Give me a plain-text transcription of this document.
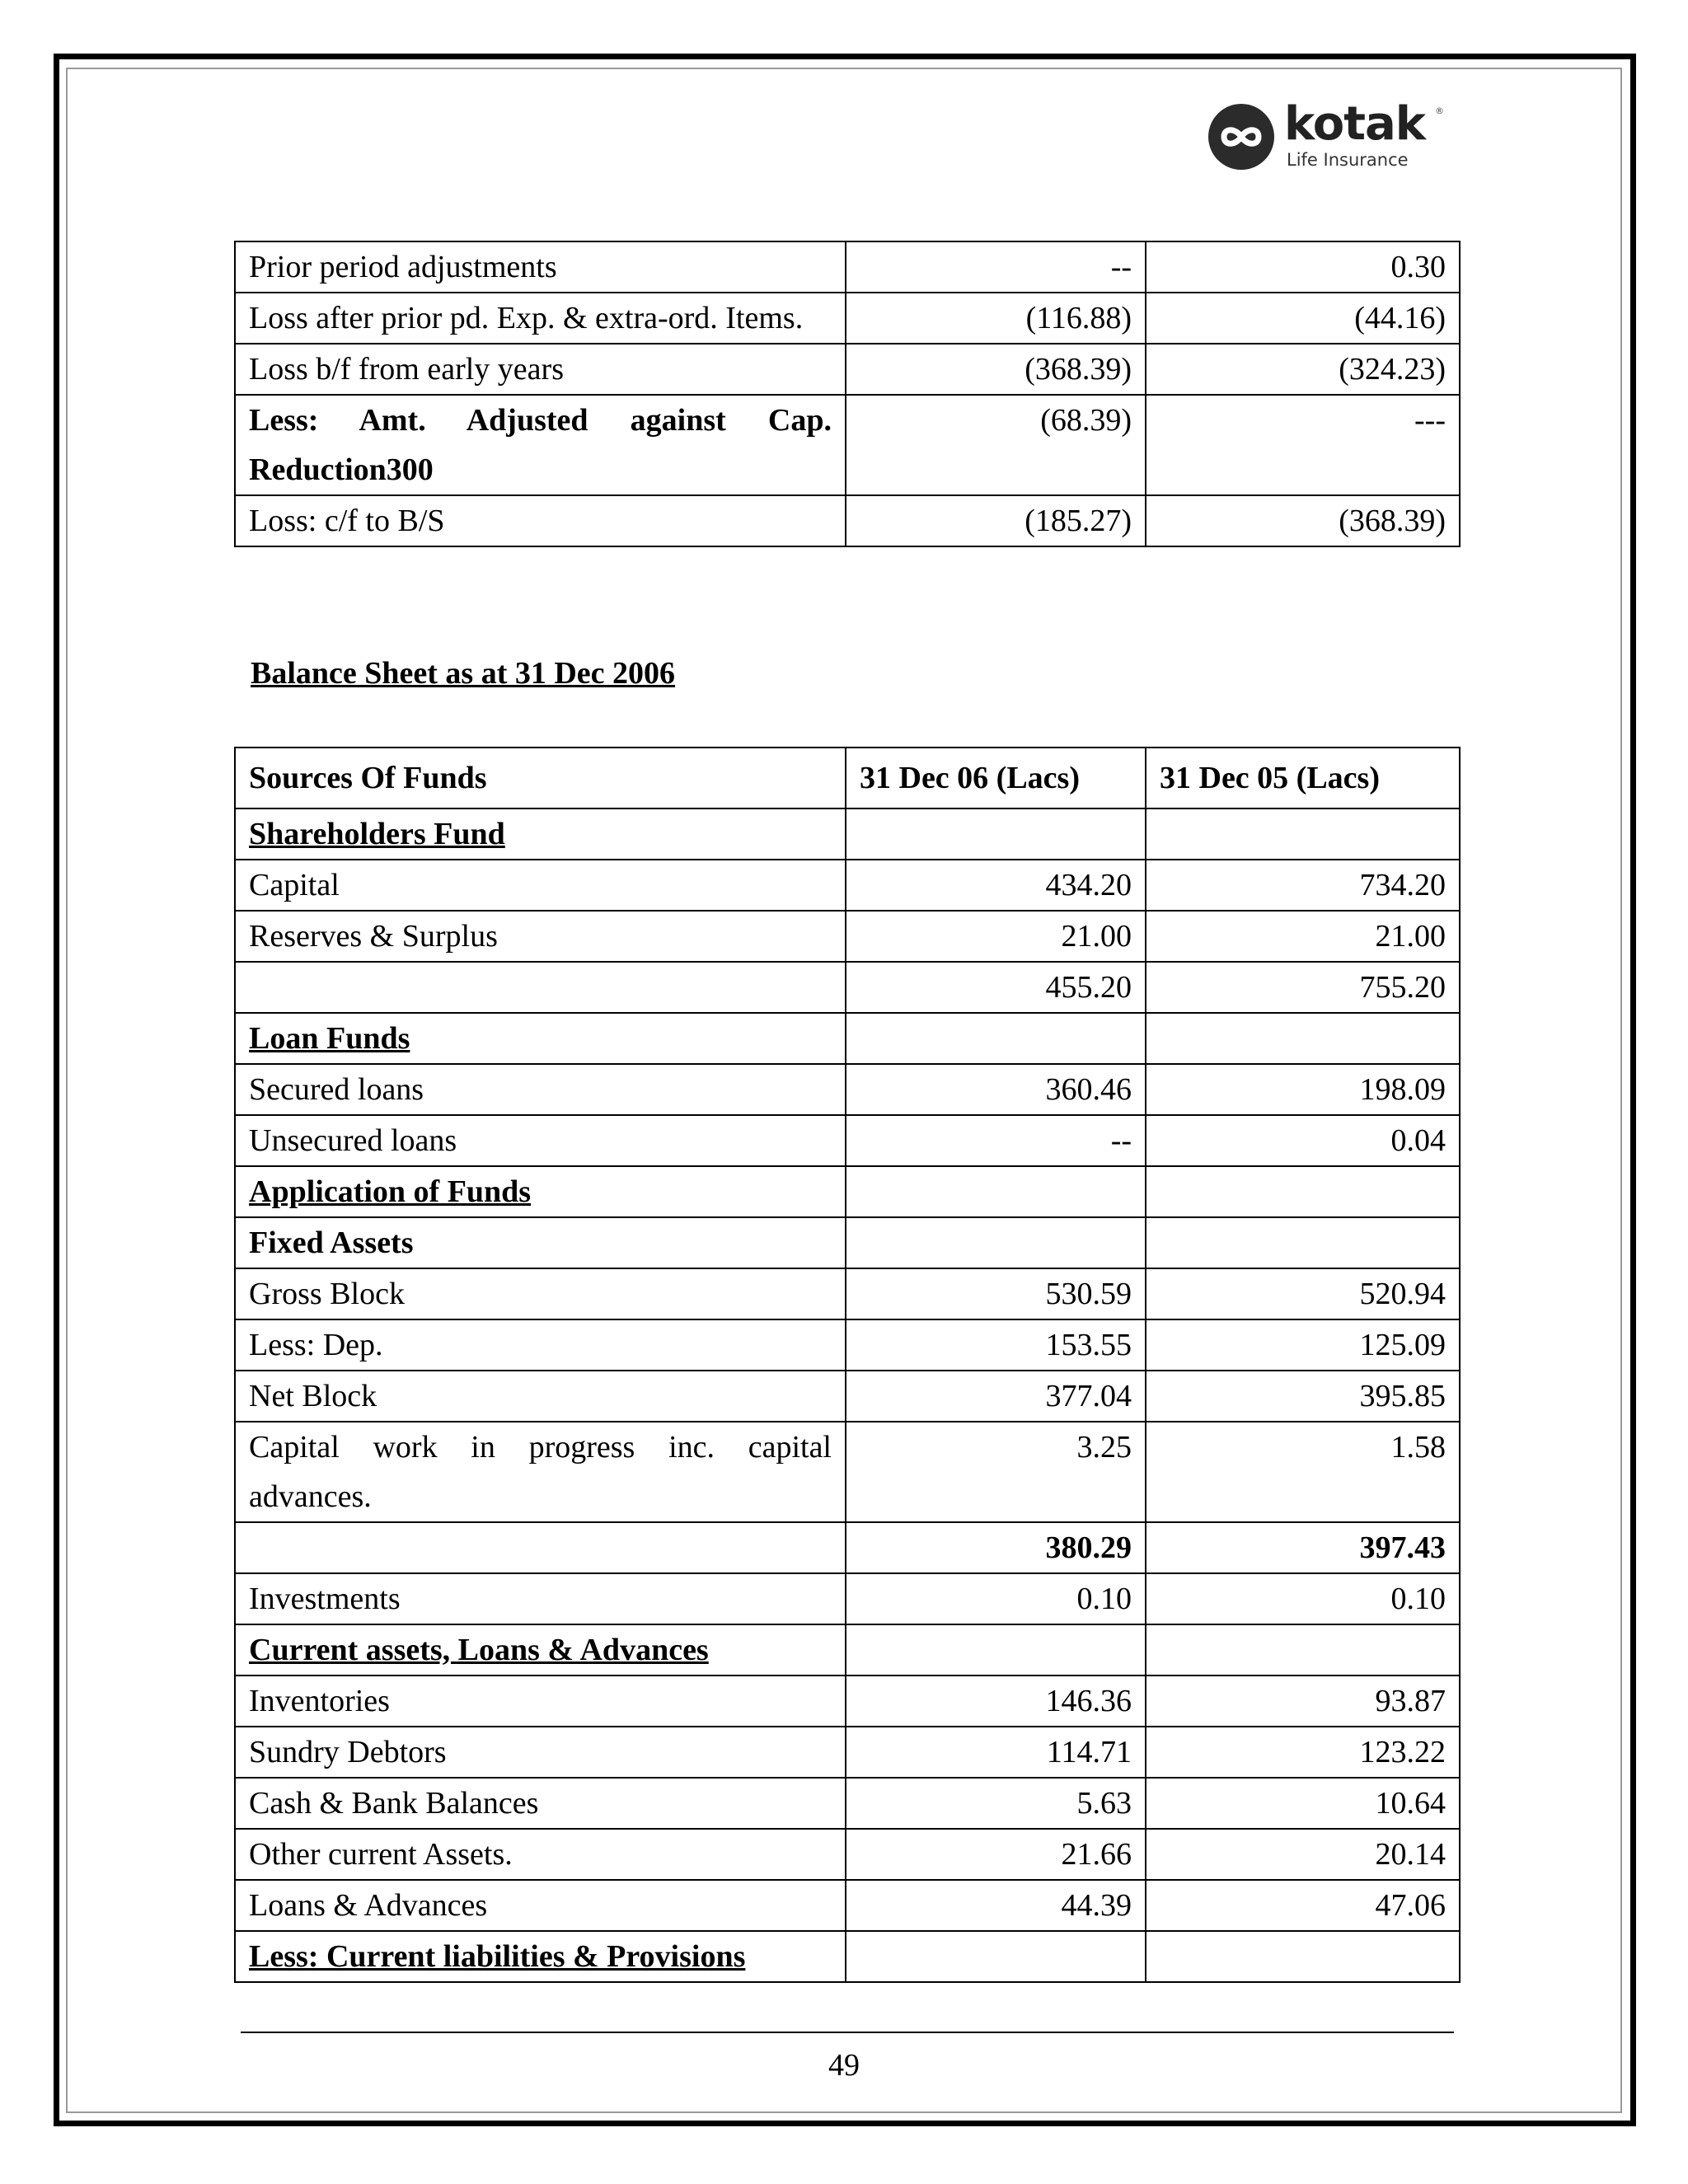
kotak ®
Life Insurance
Prior period adjustments	--	0.30
Loss after prior pd. Exp. & extra-ord. Items.	(116.88)	(44.16)
Loss b/f from early years	(368.39)	(324.23)
Less: Amt. Adjusted against Cap. Reduction300	(68.39)	---
Loss: c/f to B/S	(185.27)	(368.39)
Balance Sheet as at 31 Dec 2006
Sources Of Funds	31 Dec 06 (Lacs)	31 Dec 05 (Lacs)
Shareholders Fund		
Capital	434.20	734.20
Reserves & Surplus	21.00	21.00
	455.20	755.20
Loan Funds		
Secured loans	360.46	198.09
Unsecured loans	--	0.04
Application of Funds		
Fixed Assets		
Gross Block	530.59	520.94
Less: Dep.	153.55	125.09
Net Block	377.04	395.85
Capital work in progress inc. capital advances.	3.25	1.58
	380.29	397.43
Investments	0.10	0.10
Current assets, Loans & Advances		
Inventories	146.36	93.87
Sundry Debtors	114.71	123.22
Cash & Bank Balances	5.63	10.64
Other current Assets.	21.66	20.14
Loans & Advances	44.39	47.06
Less: Current liabilities & Provisions		
49
